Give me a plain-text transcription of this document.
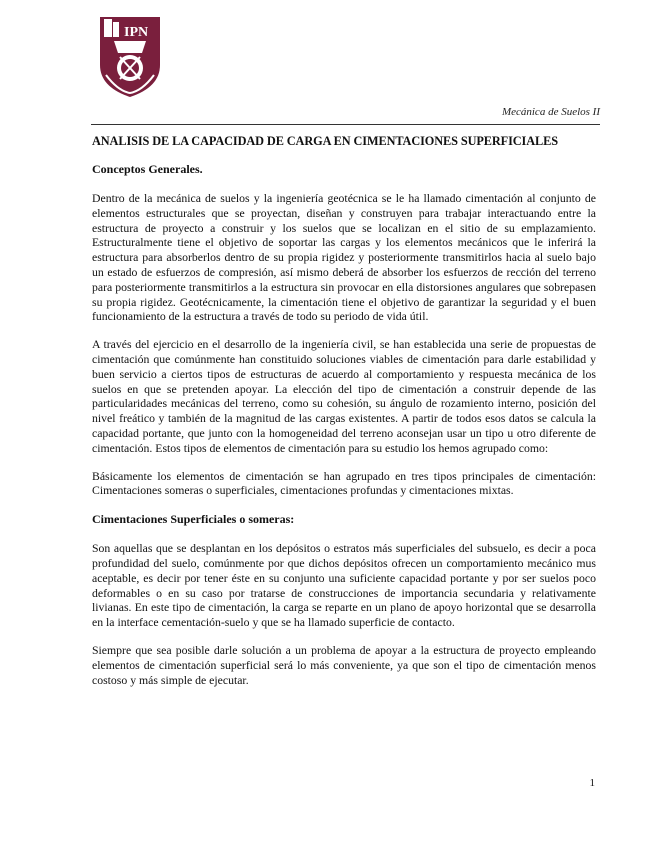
IPN
Mecánica de Suelos II
ANALISIS DE LA CAPACIDAD DE CARGA EN CIMENTACIONES SUPERFICIALES
Conceptos Generales.

Dentro de la mecánica de suelos y la ingeniería geotécnica se le ha llamado cimentación al conjunto de elementos estructurales que se proyectan, diseñan y construyen para trabajar interactuando entre la estructura de proyecto a construir y los suelos que se localizan en el sitio de su emplazamiento. Estructuralmente tiene el objetivo de soportar las cargas y los elementos mecánicos que le inferirá la estructura para absorberlos dentro de su propia rigidez y posteriormente transmitirlos hacia al suelo bajo un estado de esfuerzos de compresión, así mismo deberá de absorber los esfuerzos de rección del terreno para posteriormente transmitirlos a la estructura sin provocar en ella distorsiones angulares que sobrepasen su propia rigidez. Geotécnicamente, la cimentación tiene el objetivo de garantizar la seguridad y el buen funcionamiento de la estructura a través de todo su periodo de vida útil.

A través del ejercicio en el desarrollo de la ingeniería civil, se han establecida una serie de propuestas de cimentación que comúnmente han constituido soluciones viables de cimentación para darle estabilidad y buen servicio a ciertos tipos de estructuras de acuerdo al comportamiento y respuesta mecánica de los suelos en que se pretenden apoyar. La elección del tipo de cimentación a construir depende de las particularidades mecánicas del terreno, como su cohesión, su ángulo de rozamiento interno, posición del nivel freático y también de la magnitud de las cargas existentes. A partir de todos esos datos se calcula la capacidad portante, que junto con la homogeneidad del terreno aconsejan usar un tipo u otro diferente de cimentación. Estos tipos de elementos de cimentación para su estudio los hemos agrupado como:

Básicamente los elementos de cimentación se han agrupado en tres tipos principales de cimentación: Cimentaciones someras o superficiales, cimentaciones profundas y cimentaciones mixtas.

Cimentaciones Superficiales o someras:

Son aquellas que se desplantan en los depósitos o estratos más superficiales del subsuelo, es decir a poca profundidad del suelo, comúnmente por que dichos depósitos ofrecen un comportamiento mecánico mus aceptable, es decir por tener éste en su conjunto una suficiente capacidad portante y por ser suelos poco deformables o en su caso por tratarse de construcciones de importancia secundaria y relativamente livianas. En este tipo de cimentación, la carga se reparte en un plano de apoyo horizontal que se desarrolla en la interface cementación-suelo y que se ha llamado superficie de contacto.

Siempre que sea posible darle solución a un problema de apoyar a la estructura de proyecto empleando elementos de cimentación superficial será lo más conveniente, ya que son el tipo de cimentación menos costoso y más simple de ejecutar.

1
